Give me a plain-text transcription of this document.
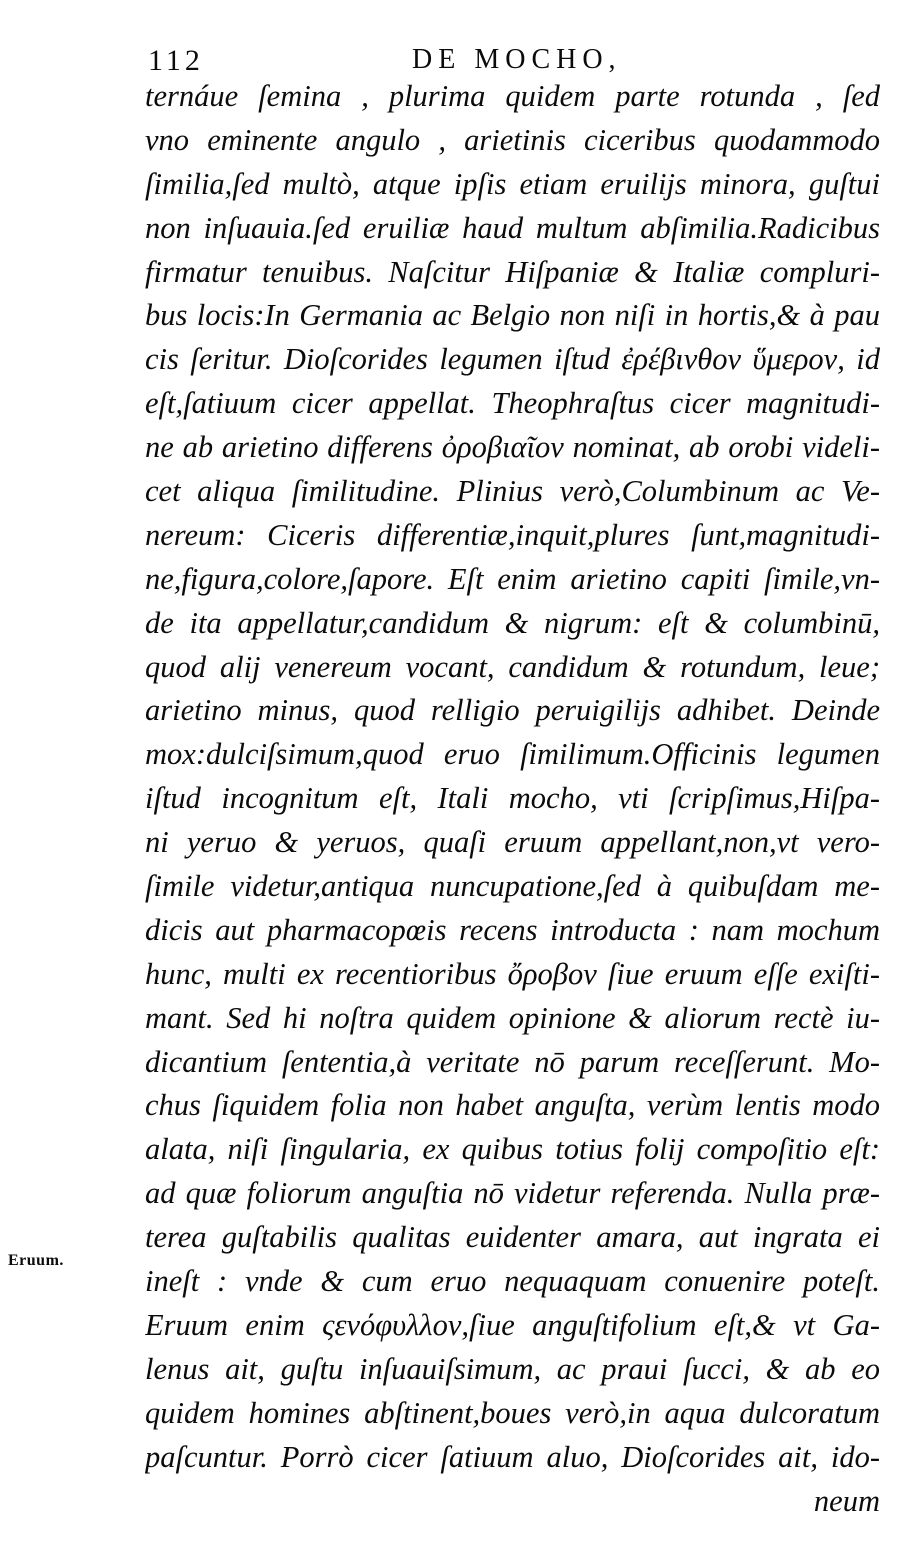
112	DE MOCHO,
ternáue ſemina , plurima quidem parte rotunda , ſed
vno eminente angulo , arietinis ciceribus quodammodo
ſimilia,ſed multò, atque ipſis etiam eruilijs minora, guſtui
non inſuauia.ſed eruiliæ haud multum abſimilia.Radicibus
firmatur tenuibus. Naſcitur Hiſpaniæ & Italiæ compluri-
bus locis:In Germania ac Belgio non niſi in hortis,& à pau
cis ſeritur. Dioſcorides legumen iſtud ἐρέβινθον ὕμερον, id
eſt,ſatiuum cicer appellat. Theophraſtus cicer magnitudi-
ne ab arietino differens ὀροβιαῖον nominat, ab orobi videli-
cet aliqua ſimilitudine. Plinius verò,Columbinum ac Ve-
nereum: Ciceris differentiæ,inquit,plures ſunt,magnitudi-
ne,figura,colore,ſapore. Eſt enim arietino capiti ſimile,vn-
de ita appellatur,candidum & nigrum: eſt & columbinū,
quod alij venereum vocant, candidum & rotundum, leue;
arietino minus, quod relligio peruigilijs adhibet. Deinde
mox:dulciſsimum,quod eruo ſimilimum.Officinis legumen
iſtud incognitum eſt, Itali mocho, vti ſcripſimus,Hiſpa-
ni yeruo & yeruos, quaſi eruum appellant,non,vt vero-
ſimile videtur,antiqua nuncupatione,ſed à quibuſdam me-
dicis aut pharmacopœis recens introducta : nam mochum
hunc, multi ex recentioribus ὄροβον ſiue eruum eſſe exiſti-
mant. Sed hi noſtra quidem opinione & aliorum rectè iu-
dicantium ſententia,à veritate nō parum receſſerunt. Mo-
chus ſiquidem folia non habet anguſta, verùm lentis modo
alata, niſi ſingularia, ex quibus totius folij compoſitio eſt:
ad quæ foliorum anguſtia nō videtur referenda. Nulla præ-
terea guſtabilis qualitas euidenter amara, aut ingrata ei
ineſt : vnde & cum eruo nequaquam conuenire poteſt.
Eruum enim ςενόφυλλον,ſiue anguſtifolium eſt,& vt Ga-
lenus ait, guſtu inſuauiſsimum, ac praui ſucci, & ab eo
quidem homines abſtinent,boues verò,in aqua dulcoratum
paſcuntur. Porrò cicer ſatiuum aluo, Dioſcorides ait, ido-
neum
Eruum.
